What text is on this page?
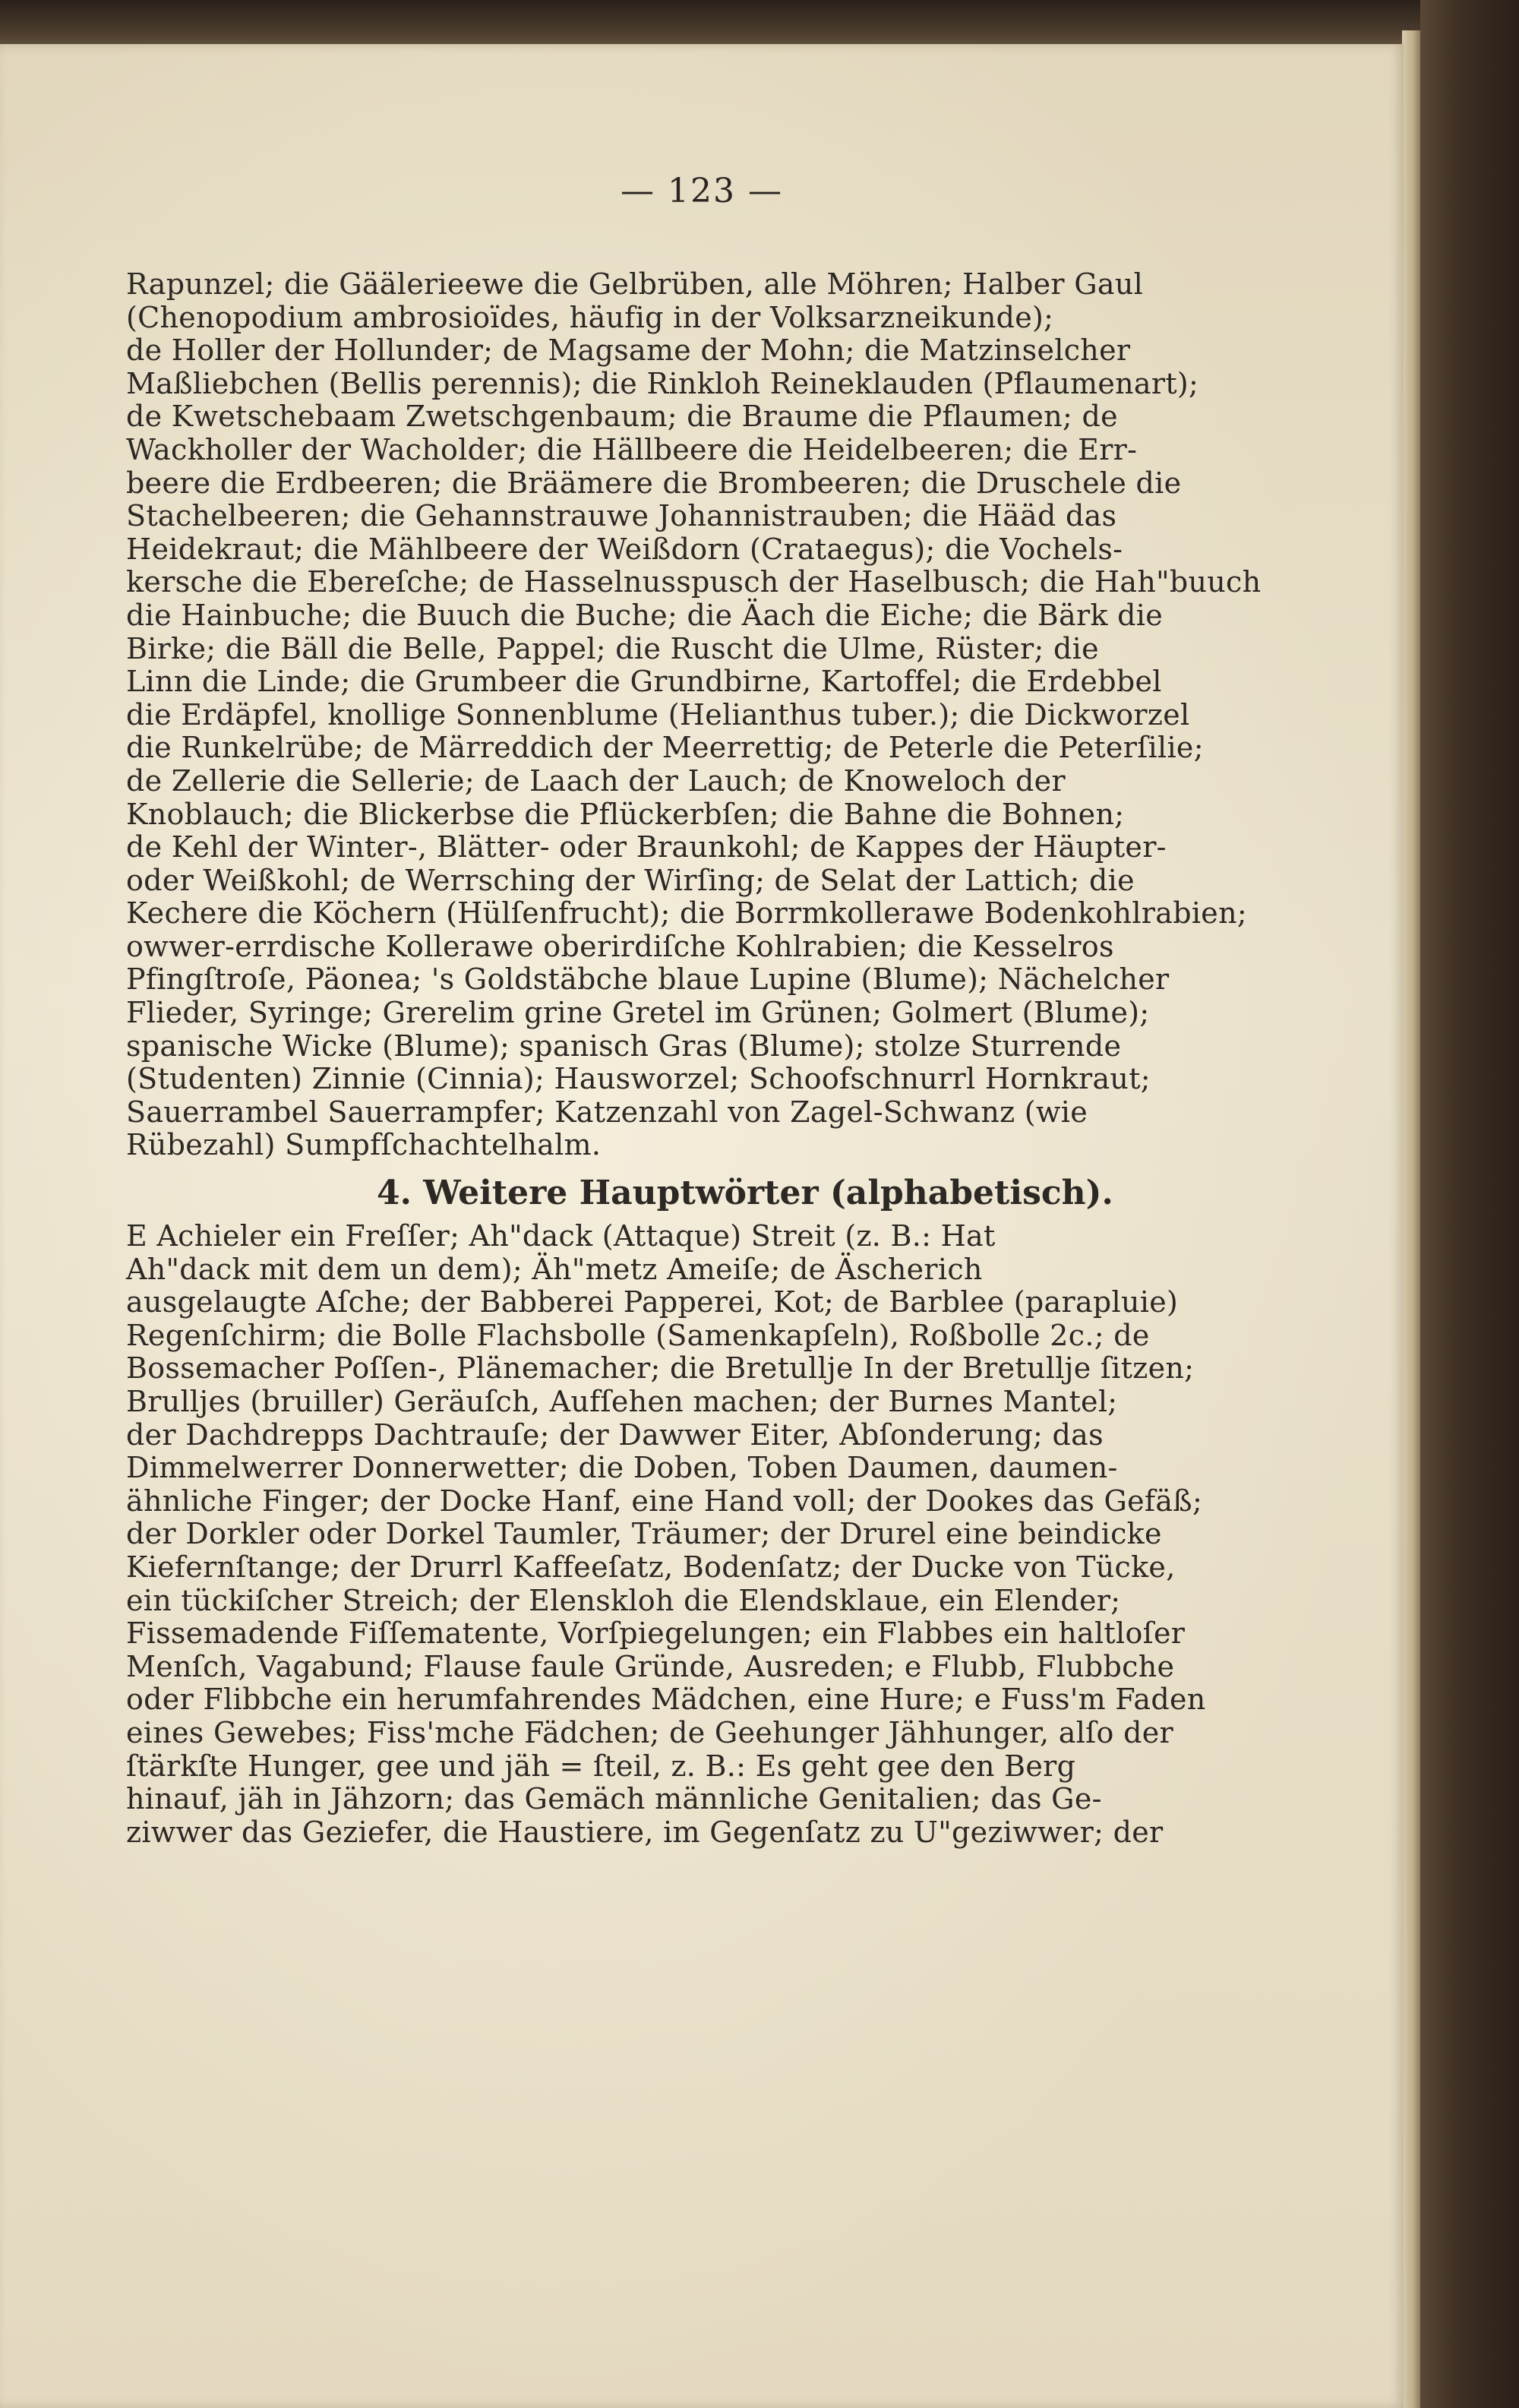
— 123 —
Rapunzel; die Gäälerieewe die Gelbrüben, alle Möhren; Halber Gaul
(Chenopodium ambrosioïdes, häufig in der Volksarzneikunde);
de Holler der Hollunder; de Magsame der Mohn; die Matzinselcher
Maßliebchen (Bellis perennis); die Rinkloh Reineklauden (Pflaumenart);
de Kwetschebaam Zwetschgenbaum; die Braume die Pflaumen; de
Wackholler der Wacholder; die Hällbeere die Heidelbeeren; die Err-
beere die Erdbeeren; die Bräämere die Brombeeren; die Druschele die
Stachelbeeren; die Gehannstrauwe Johannistrauben; die Hääd das
Heidekraut; die Mählbeere der Weißdorn (Crataegus); die Vochels-
kersche die Ebereſche; de Hasselnusspusch der Haselbusch; die Hah"buuch
die Hainbuche; die Buuch die Buche; die Äach die Eiche; die Bärk die
Birke; die Bäll die Belle, Pappel; die Ruscht die Ulme, Rüster; die
Linn die Linde; die Grumbeer die Grundbirne, Kartoffel; die Erdebbel
die Erdäpfel, knollige Sonnenblume (Helianthus tuber.); die Dickworzel
die Runkelrübe; de Märreddich der Meerrettig; de Peterle die Peterſilie;
de Zellerie die Sellerie; de Laach der Lauch; de Knoweloch der
Knoblauch; die Blickerbse die Pflückerbſen; die Bahne die Bohnen;
de Kehl der Winter-, Blätter- oder Braunkohl; de Kappes der Häupter-
oder Weißkohl; de Werrsching der Wirſing; de Selat der Lattich; die
Kechere die Köchern (Hülſenfrucht); die Borrmkollerawe Bodenkohlrabien;
owwer-errdische Kollerawe oberirdiſche Kohlrabien; die Kesselros
Pfingſtroſe, Päonea; 's Goldstäbche blaue Lupine (Blume); Nächelcher
Flieder, Syringe; Grerelim grine Gretel im Grünen; Golmert (Blume);
spanische Wicke (Blume); spanisch Gras (Blume); stolze Sturrende
(Studenten) Zinnie (Cinnia); Hausworzel; Schoofschnurrl Hornkraut;
Sauerrambel Sauerrampfer; Katzenzahl von Zagel-Schwanz (wie
Rübezahl) Sumpfſchachtelhalm.
4. Weitere Hauptwörter (alphabetisch).
E Achieler ein Freſſer; Ah"dack (Attaque) Streit (z. B.: Hat
Ah"dack mit dem un dem); Äh"metz Ameiſe; de Äscherich
ausgelaugte Aſche; der Babberei Papperei, Kot; de Barblee (parapluie)
Regenſchirm; die Bolle Flachsbolle (Samenkapſeln), Roßbolle 2c.; de
Bossemacher Poſſen-, Plänemacher; die Bretullje In der Bretullje ſitzen;
Brulljes (bruiller) Geräuſch, Aufſehen machen; der Burnes Mantel;
der Dachdrepps Dachtrauſe; der Dawwer Eiter, Abſonderung; das
Dimmelwerrer Donnerwetter; die Doben, Toben Daumen, daumen-
ähnliche Finger; der Docke Hanf, eine Hand voll; der Dookes das Gefäß;
der Dorkler oder Dorkel Taumler, Träumer; der Drurel eine beindicke
Kiefernſtange; der Drurrl Kaffeeſatz, Bodenſatz; der Ducke von Tücke,
ein tückiſcher Streich; der Elenskloh die Elendsklaue, ein Elender;
Fissemadende Fiſſematente, Vorſpiegelungen; ein Flabbes ein haltloſer
Menſch, Vagabund; Flause faule Gründe, Ausreden; e Flubb, Flubbche
oder Flibbche ein herumfahrendes Mädchen, eine Hure; e Fuss'm Faden
eines Gewebes; Fiss'mche Fädchen; de Geehunger Jähhunger, alſo der
ſtärkſte Hunger, gee und jäh = ſteil, z. B.: Es geht gee den Berg
hinauf, jäh in Jähzorn; das Gemäch männliche Genitalien; das Ge-
ziwwer das Geziefer, die Haustiere, im Gegenſatz zu U"geziwwer; der
